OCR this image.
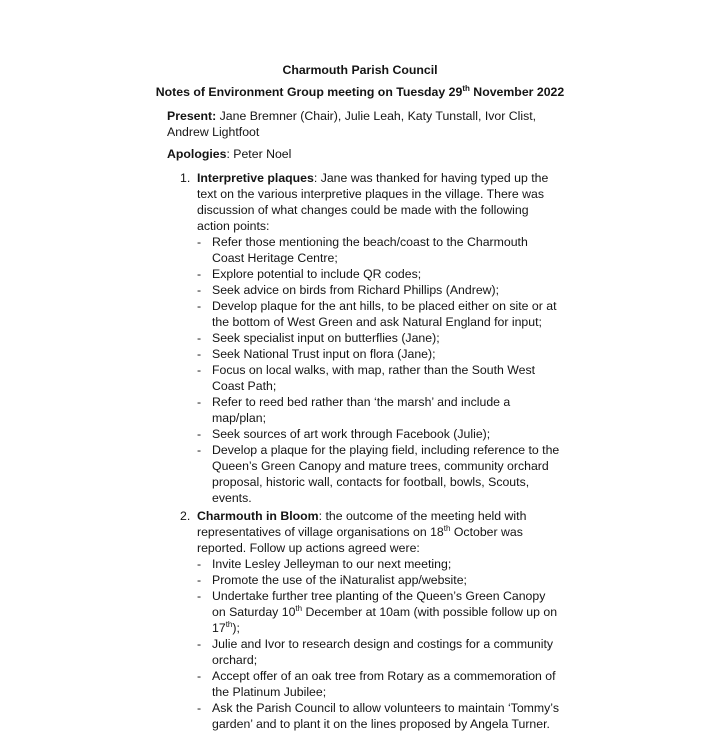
Charmouth Parish Council
Notes of Environment Group meeting on Tuesday 29th November 2022
Present: Jane Bremner (Chair), Julie Leah, Katy Tunstall, Ivor Clist, Andrew Lightfoot
Apologies: Peter Noel
1. Interpretive plaques: Jane was thanked for having typed up the text on the various interpretive plaques in the village. There was discussion of what changes could be made with the following action points:
- Refer those mentioning the beach/coast to the Charmouth Coast Heritage Centre;
- Explore potential to include QR codes;
- Seek advice on birds from Richard Phillips (Andrew);
- Develop plaque for the ant hills, to be placed either on site or at the bottom of West Green and ask Natural England for input;
- Seek specialist input on butterflies (Jane);
- Seek National Trust input on flora (Jane);
- Focus on local walks, with map, rather than the South West Coast Path;
- Refer to reed bed rather than ‘the marsh’ and include a map/plan;
- Seek sources of art work through Facebook (Julie);
- Develop a plaque for the playing field, including reference to the Queen’s Green Canopy and mature trees, community orchard proposal, historic wall, contacts for football, bowls, Scouts, events.
2. Charmouth in Bloom: the outcome of the meeting held with representatives of village organisations on 18th October was reported. Follow up actions agreed were:
- Invite Lesley Jelleyman to our next meeting;
- Promote the use of the iNaturalist app/website;
- Undertake further tree planting of the Queen’s Green Canopy on Saturday 10th December at 10am (with possible follow up on 17th);
- Julie and Ivor to research design and costings for a community orchard;
- Accept offer of an oak tree from Rotary as a commemoration of the Platinum Jubilee;
- Ask the Parish Council to allow volunteers to maintain ‘Tommy’s garden’ and to plant it on the lines proposed by Angela Turner.
